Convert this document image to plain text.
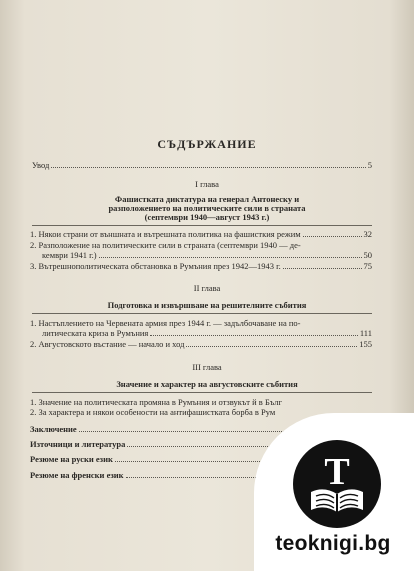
СЪДЪРЖАНИЕ
Увод	5
I глава
Фашистката диктатура на генерал Антонеску и
разположението на политическите сили в страната
(септември 1940—август 1943 г.)
1. Някои страни от външната и вътрешната политика на фашисткия режим	32
2. Разположение на политическите сили в страната (септември 1940 — де-
кември 1941 г.)	50
3. Вътрешнополитическата обстановка в Румъния през 1942—1943 г.	75
II глава
Подготовка и извършване на решителните събития
1. Настъплението на Червената армия през 1944 г. — задълбочаване на по-
литическата криза в Румъния	111
2. Августовското въстание — начало и ход	155
III глава
Значение и характер на августовските събития
1. Значение на политическата промяна в Румъния и отзвукът й в Бълг
2. За характера и някои особености на антифашистката борба в Рум
Заключение
Източници и литература
Резюме на руски език
Резюме на френски език	T
teoknigi.bg
